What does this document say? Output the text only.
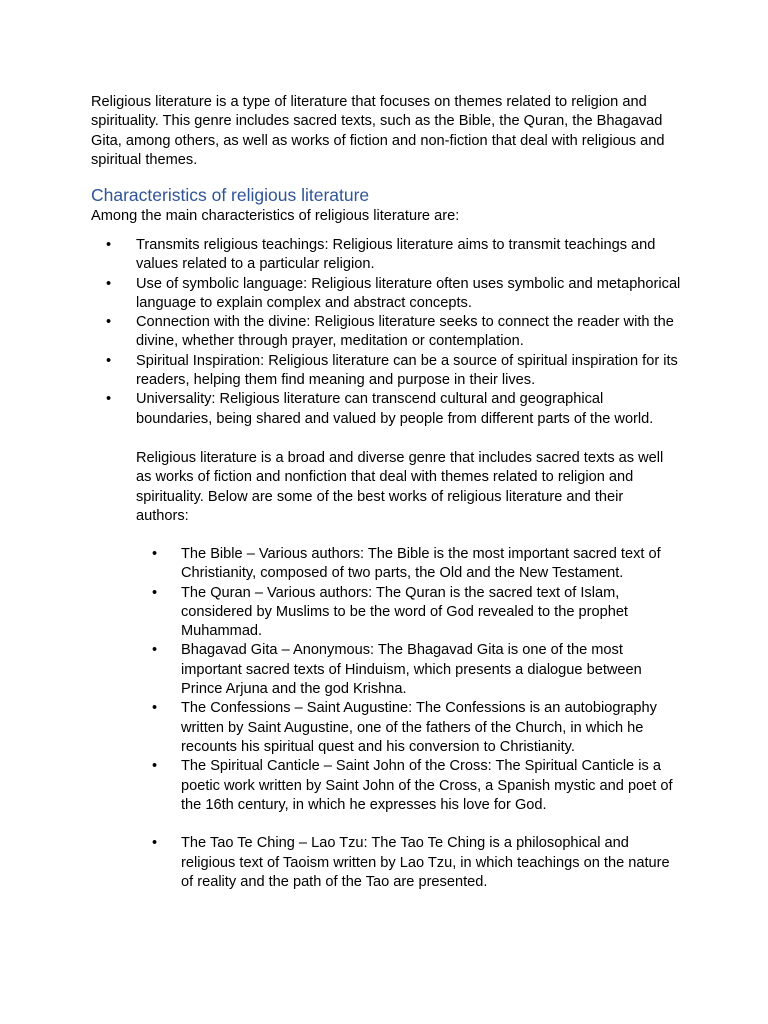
Religious literature is a type of literature that focuses on themes related to religion and spirituality. This genre includes sacred texts, such as the Bible, the Quran, the Bhagavad Gita, among others, as well as works of fiction and non-fiction that deal with religious and spiritual themes.

Characteristics of religious literature

Among the main characteristics of religious literature are:

• Transmits religious teachings: Religious literature aims to transmit teachings and values related to a particular religion.
• Use of symbolic language: Religious literature often uses symbolic and metaphorical language to explain complex and abstract concepts.
• Connection with the divine: Religious literature seeks to connect the reader with the divine, whether through prayer, meditation or contemplation.
• Spiritual Inspiration: Religious literature can be a source of spiritual inspiration for its readers, helping them find meaning and purpose in their lives.
• Universality: Religious literature can transcend cultural and geographical boundaries, being shared and valued by people from different parts of the world.

Religious literature is a broad and diverse genre that includes sacred texts as well as works of fiction and nonfiction that deal with themes related to religion and spirituality. Below are some of the best works of religious literature and their authors:

• The Bible – Various authors: The Bible is the most important sacred text of Christianity, composed of two parts, the Old and the New Testament.
• The Quran – Various authors: The Quran is the sacred text of Islam, considered by Muslims to be the word of God revealed to the prophet Muhammad.
• Bhagavad Gita – Anonymous: The Bhagavad Gita is one of the most important sacred texts of Hinduism, which presents a dialogue between Prince Arjuna and the god Krishna.
• The Confessions – Saint Augustine: The Confessions is an autobiography written by Saint Augustine, one of the fathers of the Church, in which he recounts his spiritual quest and his conversion to Christianity.
• The Spiritual Canticle – Saint John of the Cross: The Spiritual Canticle is a poetic work written by Saint John of the Cross, a Spanish mystic and poet of the 16th century, in which he expresses his love for God.
• The Tao Te Ching – Lao Tzu: The Tao Te Ching is a philosophical and religious text of Taoism written by Lao Tzu, in which teachings on the nature of reality and the path of the Tao are presented.
